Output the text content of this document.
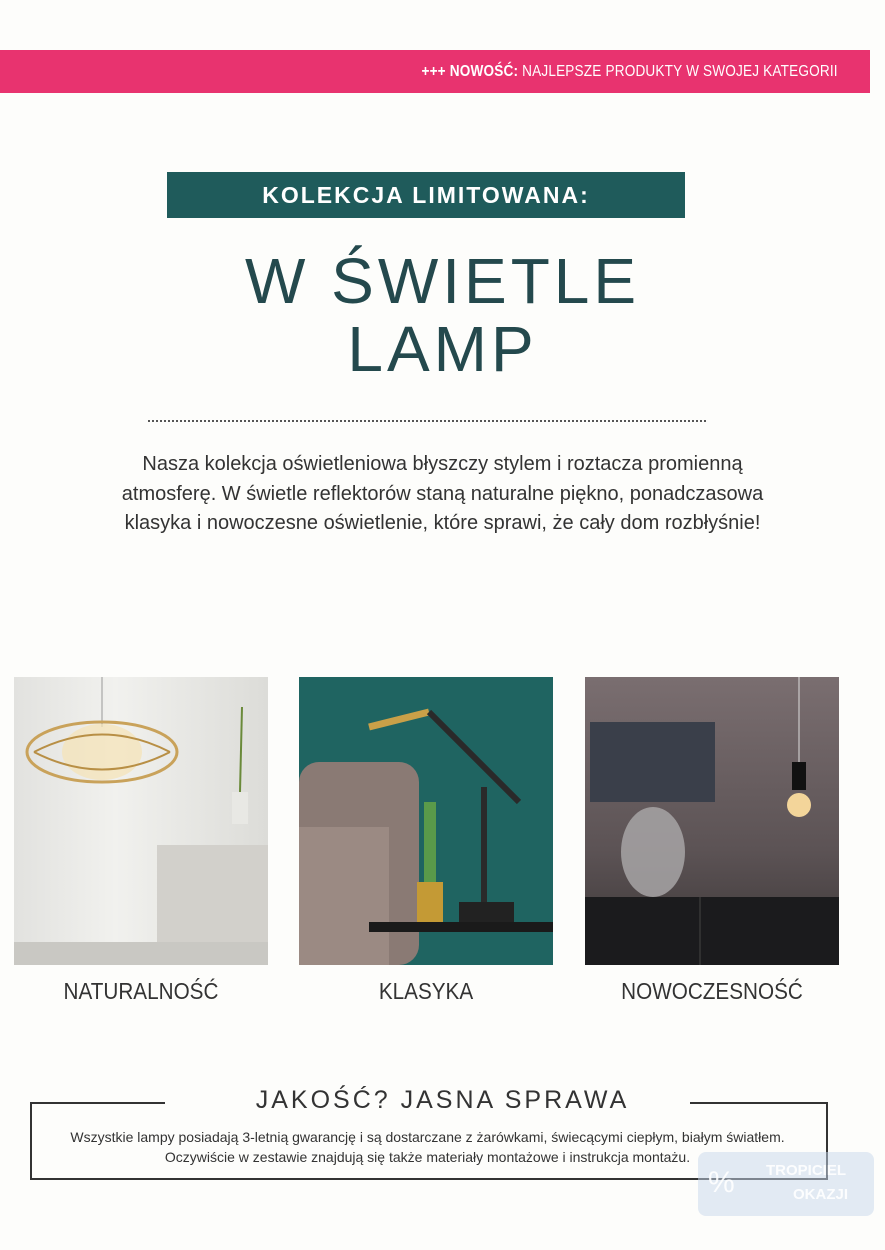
+++ NOWOŚĆ: NAJLEPSZE PRODUKTY W SWOJEJ KATEGORII
KOLEKCJA LIMITOWANA:
W ŚWIETLE
LAMP
Nasza kolekcja oświetleniowa błyszczy stylem i roztacza promienną atmosferę. W świetle reflektorów staną naturalne piękno, ponadczasowa klasyka i nowoczesne oświetlenie, które sprawi, że cały dom rozbłyśnie!
NATURALNOŚĆ	KLASYKA	NOWOCZESNOŚĆ
JAKOŚĆ? JASNA SPRAWA
Wszystkie lampy posiadają 3-letnią gwarancję i są dostarczane z żarówkami, świecącymi ciepłym, białym światłem. Oczywiście w zestawie znajdują się także materiały montażowe i instrukcja montażu.
% TROPICIEL
OKAZJI
